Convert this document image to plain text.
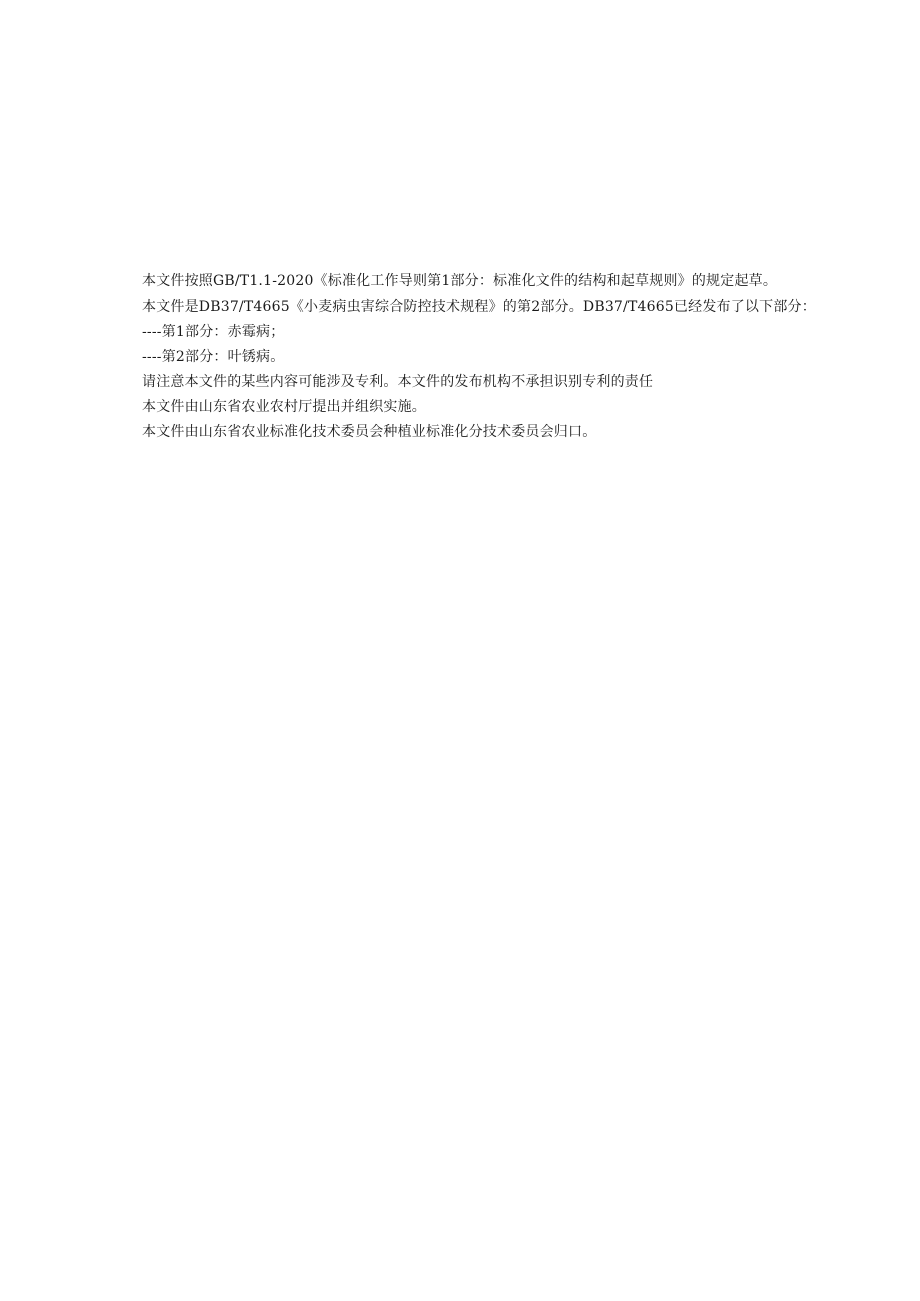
本文件按照GB/T1.1-2020《标准化工作导则第1部分：标准化文件的结构和起草规则》的规定起草。

本文件是DB37/T4665《小麦病虫害综合防控技术规程》的第2部分。DB37/T4665已经发布了以下部分：

----第1部分：赤霉病；

----第2部分：叶锈病。

请注意本文件的某些内容可能涉及专利。本文件的发布机构不承担识别专利的责任

本文件由山东省农业农村厅提出并组织实施。

本文件由山东省农业标准化技术委员会种植业标准化分技术委员会归口。
